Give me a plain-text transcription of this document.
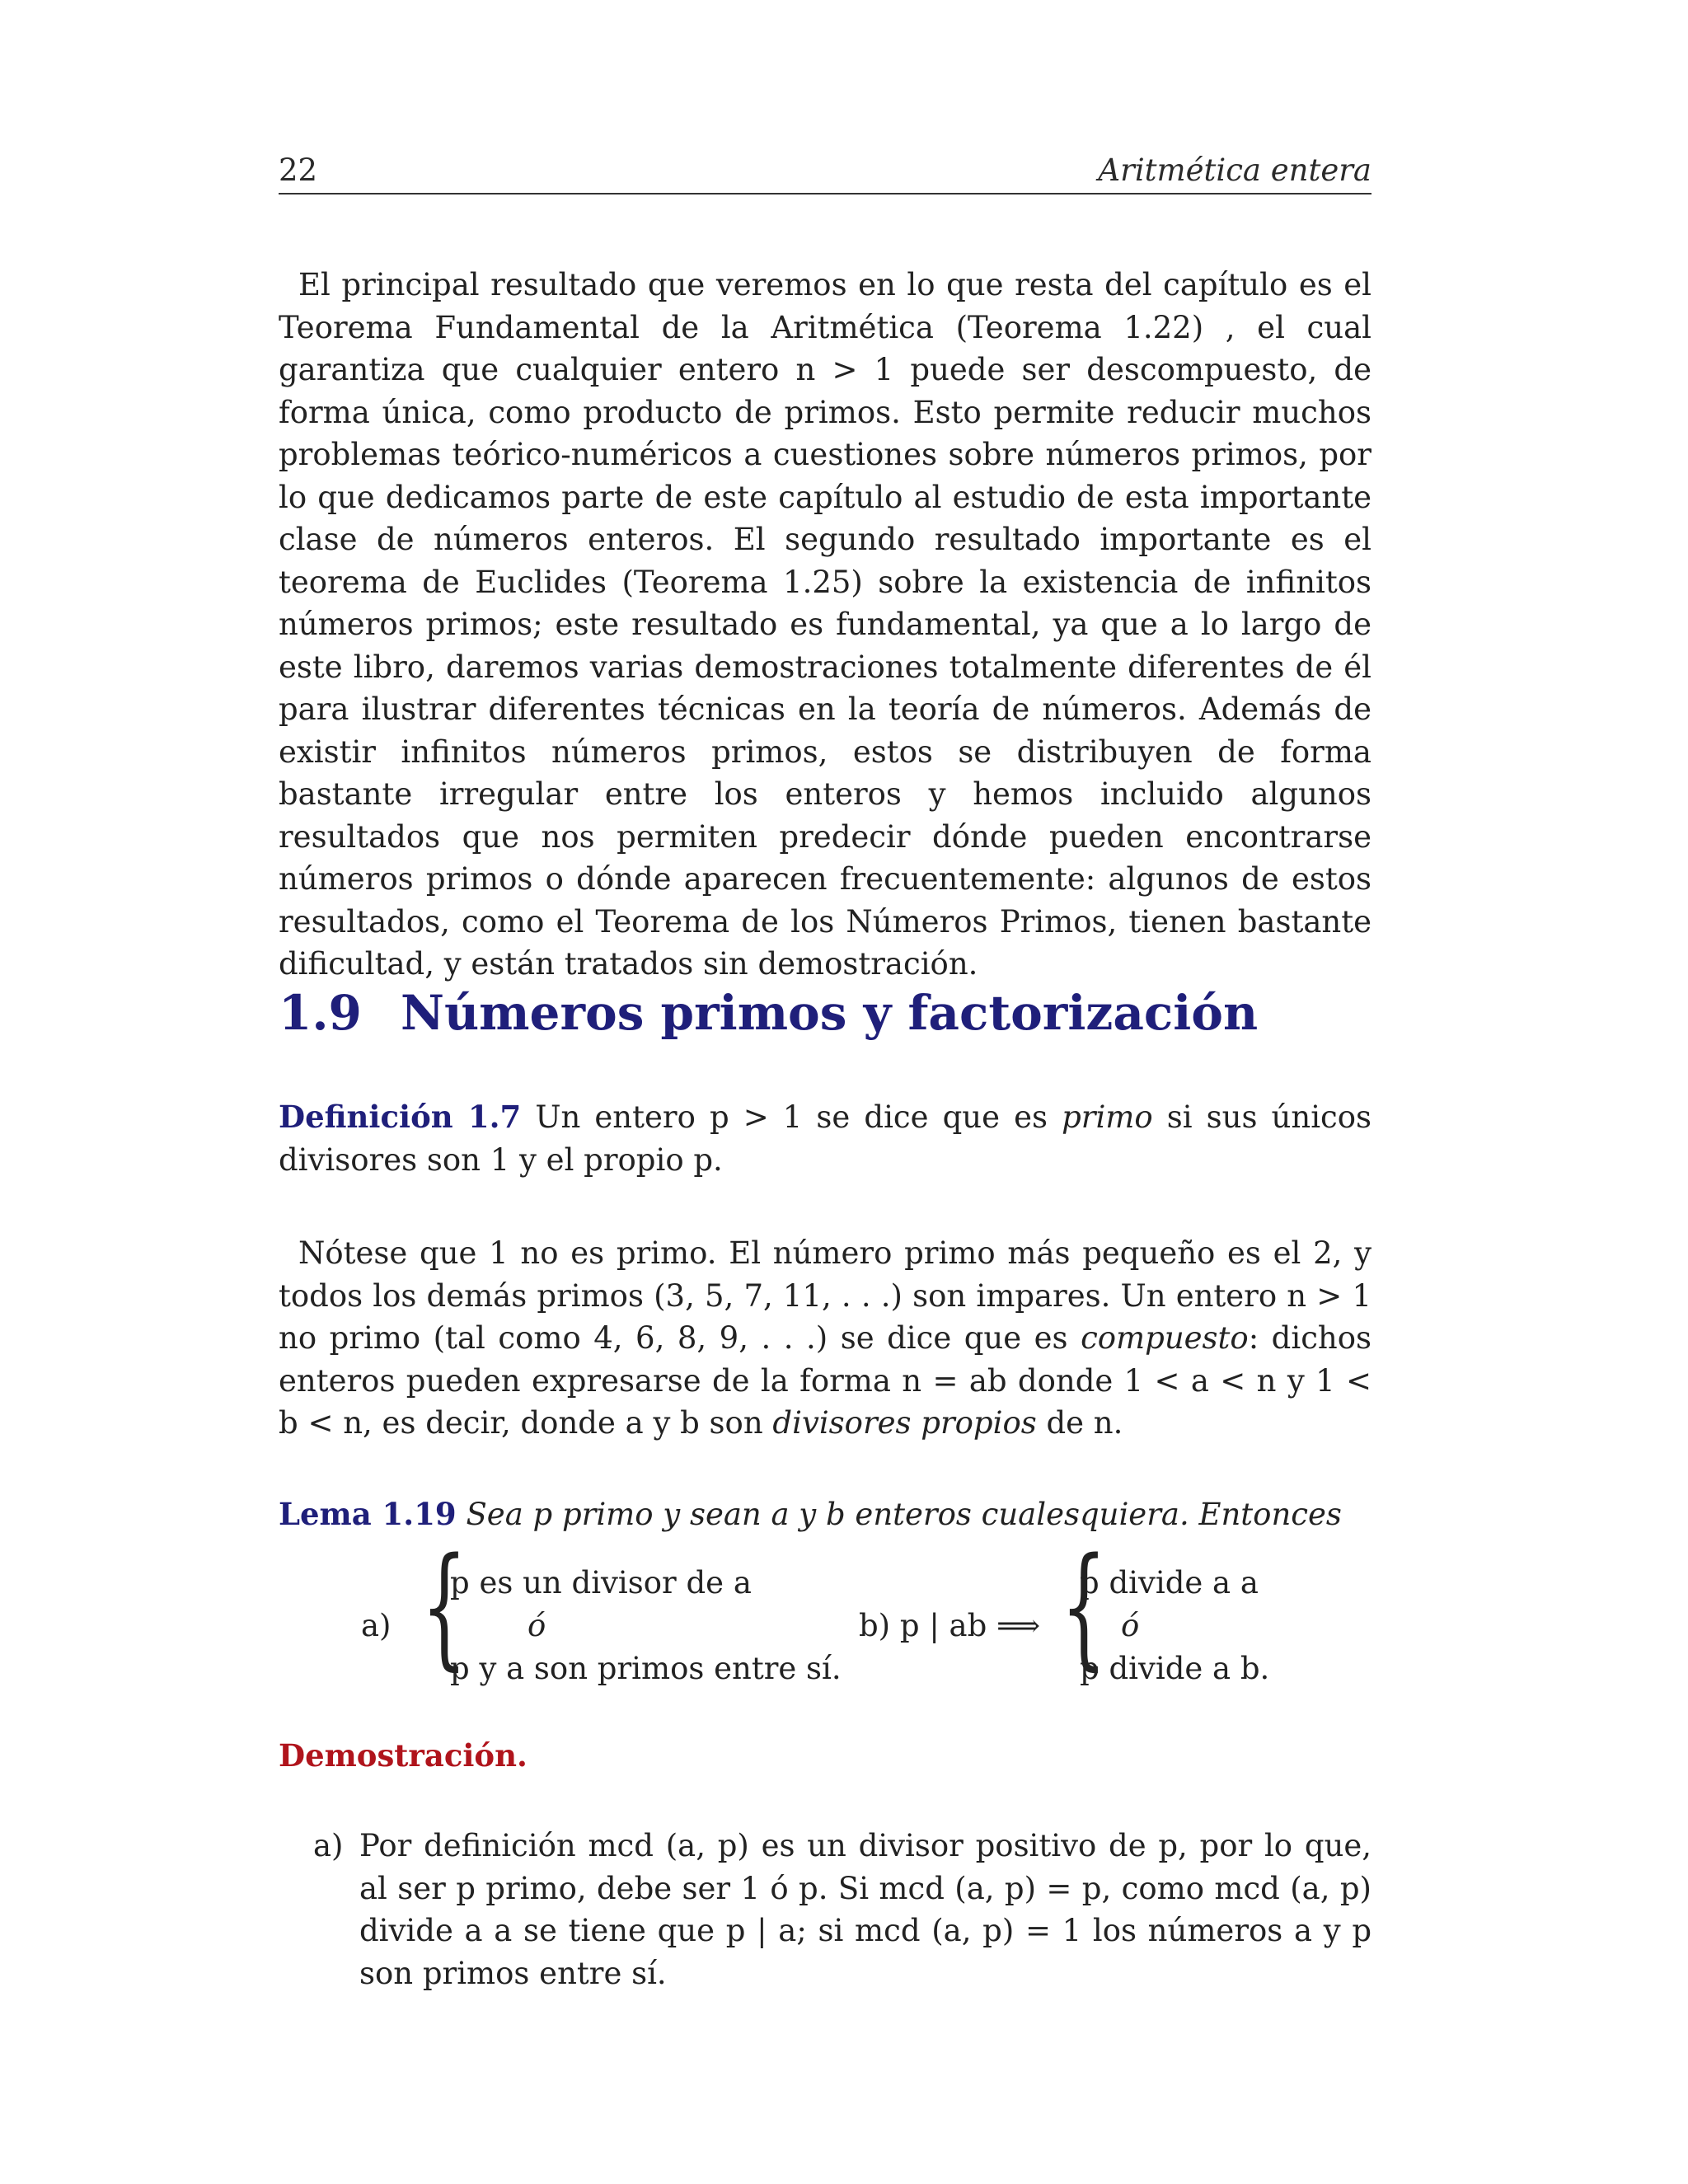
22	Aritmética entera

El principal resultado que veremos en lo que resta del capítulo es el Teorema Fundamental de la Aritmética (Teorema 1.22) , el cual garantiza que cualquier entero n > 1 puede ser descompuesto, de forma única, como producto de primos. Esto permite reducir muchos problemas teórico-numéricos a cuestiones sobre números primos, por lo que dedicamos parte de este capítulo al estudio de esta importante clase de números enteros. El segundo resultado importante es el teorema de Euclides (Teorema 1.25) sobre la existencia de infinitos números primos; este resultado es fundamental, ya que a lo largo de este libro, daremos varias demostraciones totalmente diferentes de él para ilustrar diferentes técnicas en la teoría de números. Además de existir infinitos números primos, estos se distribuyen de forma bastante irregular entre los enteros y hemos incluido algunos resultados que nos permiten predecir dónde pueden encontrarse números primos o dónde aparecen frecuentemente: algunos de estos resultados, como el Teorema de los Números Primos, tienen bastante dificultad, y están tratados sin demostración.

1.9 Números primos y factorización

Definición 1.7 Un entero p > 1 se dice que es primo si sus únicos divisores son 1 y el propio p.

Nótese que 1 no es primo. El número primo más pequeño es el 2, y todos los demás primos (3, 5, 7, 11, . . .) son impares. Un entero n > 1 no primo (tal como 4, 6, 8, 9, . . .) se dice que es compuesto: dichos enteros pueden expresarse de la forma n = ab donde 1 < a < n y 1 < b < n, es decir, donde a y b son divisores propios de n.

Lema 1.19 Sea p primo y sean a y b enteros cualesquiera. Entonces

a) {
p es un divisor de a
ó
p y a son primos entre sí.
b) p | ab ⟹ {
p divide a a
ó
p divide a b.
Demostración.
a) Por definición mcd (a, p) es un divisor positivo de p, por lo que, al ser p primo, debe ser 1 ó p. Si mcd (a, p) = p, como mcd (a, p) divide a a se tiene que p | a; si mcd (a, p) = 1 los números a y p son primos entre sí.
